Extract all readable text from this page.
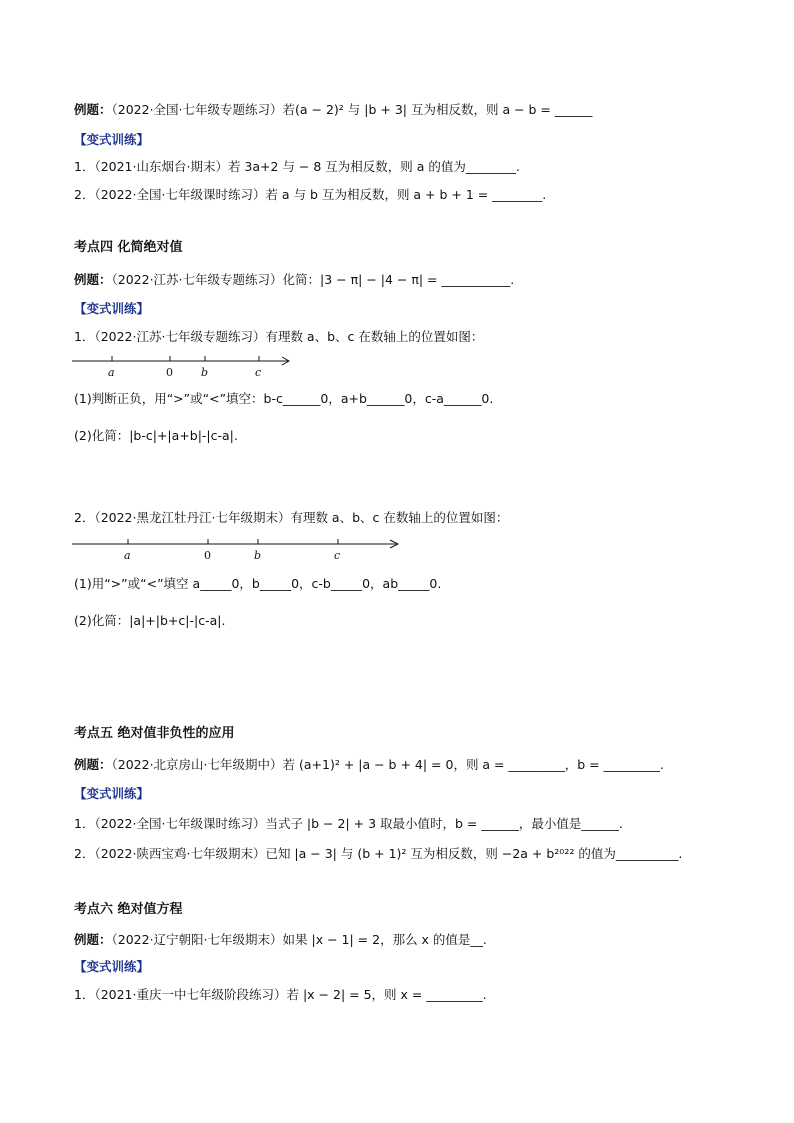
例题：（2022·全国·七年级专题练习）若(a − 2)² 与 |b + 3| 互为相反数，则 a − b = ______
【变式训练】
1．（2021·山东烟台·期末）若 3a+2 与 − 8 互为相反数，则 a 的值为________.
2．（2022·全国·七年级课时练习）若 a 与 b 互为相反数，则 a + b + 1 = ________.
考点四 化简绝对值
例题：（2022·江苏·七年级专题练习）化简：|3 − π| − |4 − π| = ___________.
【变式训练】
1．（2022·江苏·七年级专题练习）有理数 a、b、c 在数轴上的位置如图：
a	0	b	c
(1)判断正负，用“>”或“<”填空：b-c______0，a+b______0，c-a______0.
(2)化简：|b-c|+|a+b|-|c-a|.
2．（2022·黑龙江牡丹江·七年级期末）有理数 a、b、c 在数轴上的位置如图：
a	0	b	c
(1)用“>”或“<”填空 a_____0，b_____0，c-b_____0，ab_____0.
(2)化简：|a|+|b+c|-|c-a|.
考点五 绝对值非负性的应用
例题：（2022·北京房山·七年级期中）若 (a+1)² + |a − b + 4| = 0，则 a = _________，b = _________.
【变式训练】
1．（2022·全国·七年级课时练习）当式子 |b − 2| + 3 取最小值时，b = ______，最小值是______.
2．（2022·陕西宝鸡·七年级期末）已知 |a − 3| 与 (b + 1)² 互为相反数，则 −2a + b²⁰²² 的值为__________.
考点六 绝对值方程
例题：（2022·辽宁朝阳·七年级期末）如果 |x − 1| = 2，那么 x 的值是__.
【变式训练】
1．（2021·重庆一中七年级阶段练习）若 |x − 2| = 5，则 x = _________.
